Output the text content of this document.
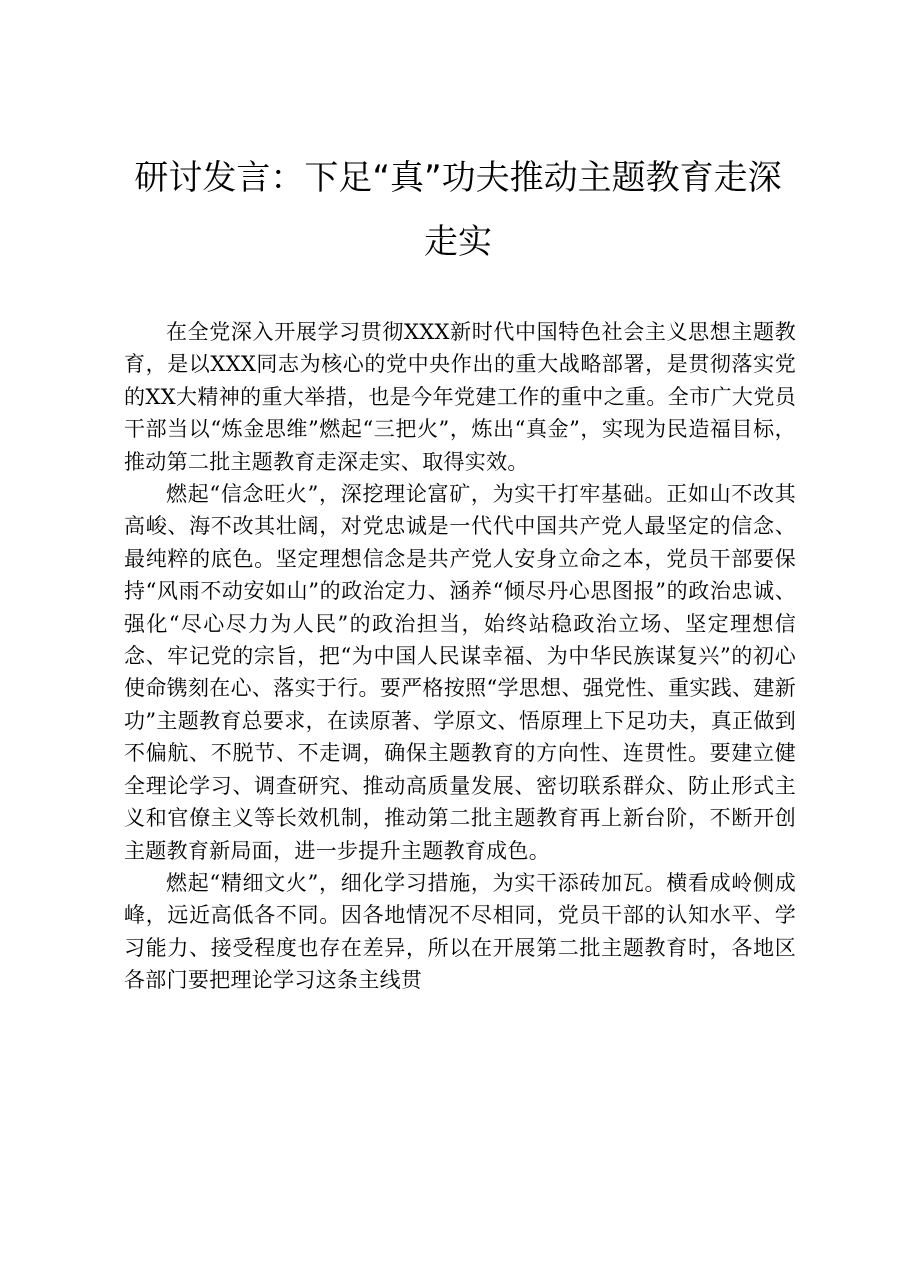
研讨发言：下足“真”功夫推动主题教育走深
走实

在全党深入开展学习贯彻XXX新时代中国特色社会主义思想主题教育，是以XXX同志为核心的党中央作出的重大战略部署，是贯彻落实党的XX大精神的重大举措，也是今年党建工作的重中之重。全市广大党员干部当以“炼金思维”燃起“三把火”，炼出“真金”，实现为民造福目标，推动第二批主题教育走深走实、取得实效。

燃起“信念旺火”，深挖理论富矿，为实干打牢基础。正如山不改其高峻、海不改其壮阔，对党忠诚是一代代中国共产党人最坚定的信念、最纯粹的底色。坚定理想信念是共产党人安身立命之本，党员干部要保持“风雨不动安如山”的政治定力、涵养“倾尽丹心思图报”的政治忠诚、强化“尽心尽力为人民”的政治担当，始终站稳政治立场、坚定理想信念、牢记党的宗旨，把“为中国人民谋幸福、为中华民族谋复兴”的初心使命镌刻在心、落实于行。要严格按照“学思想、强党性、重实践、建新功”主题教育总要求，在读原著、学原文、悟原理上下足功夫，真正做到不偏航、不脱节、不走调，确保主题教育的方向性、连贯性。要建立健全理论学习、调查研究、推动高质量发展、密切联系群众、防止形式主义和官僚主义等长效机制，推动第二批主题教育再上新台阶，不断开创主题教育新局面，进一步提升主题教育成色。

燃起“精细文火”，细化学习措施，为实干添砖加瓦。横看成岭侧成峰，远近高低各不同。因各地情况不尽相同，党员干部的认知水平、学习能力、接受程度也存在差异，所以在开展第二批主题教育时，各地区各部门要把理论学习这条主线贯
